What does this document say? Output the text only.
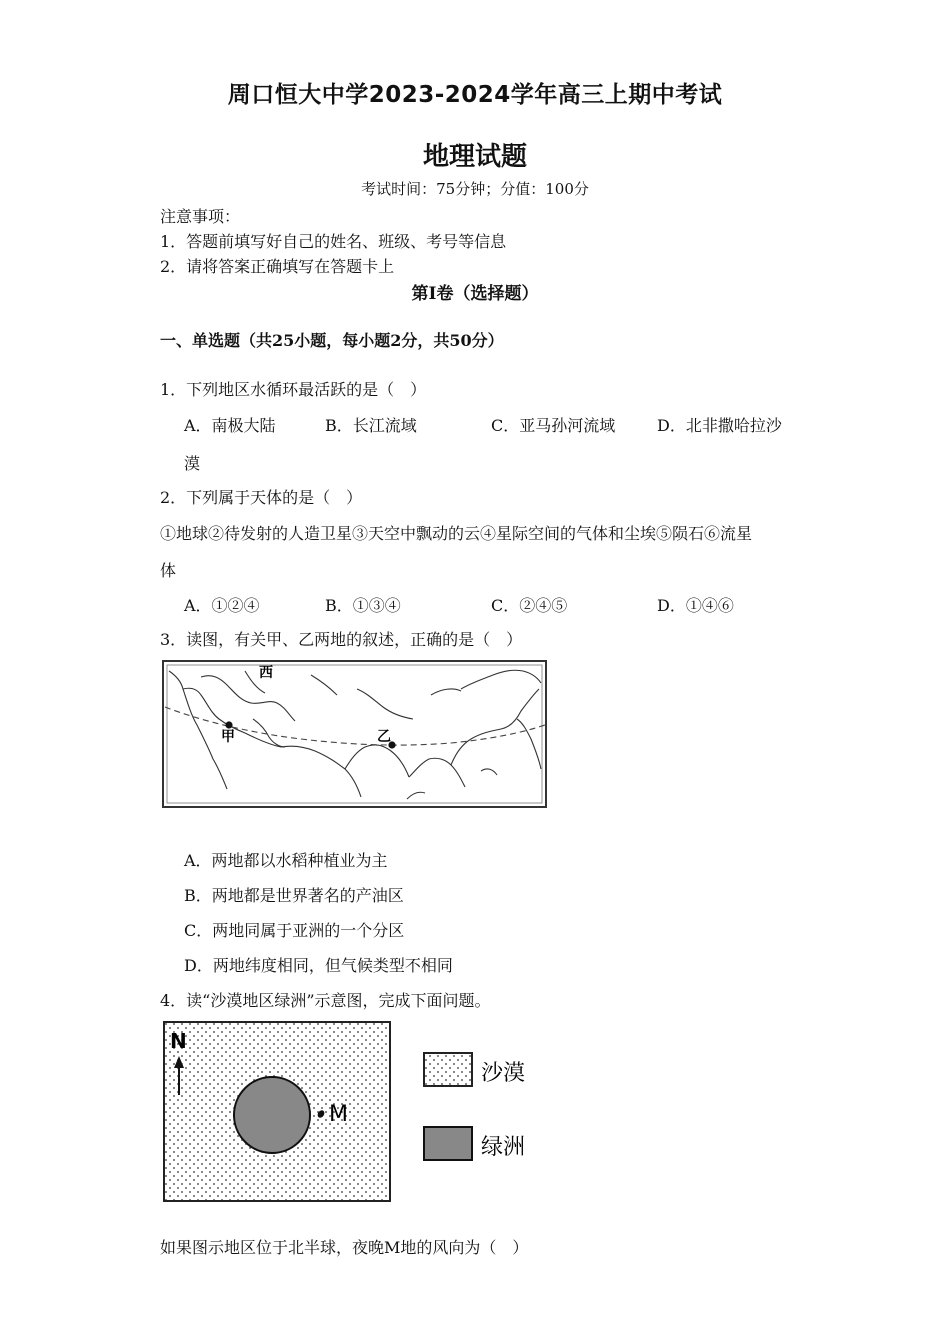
周口恒大中学2023-2024学年高三上期中考试
地理试题
考试时间：75分钟；分值：100分
注意事项：
1．答题前填写好自己的姓名、班级、考号等信息
2．请将答案正确填写在答题卡上
第I卷（选择题）
一、单选题（共25小题，每小题2分，共50分）
1．下列地区水循环最活跃的是（　）
A．南极大陆	B．长江流域	C．亚马孙河流域	D．北非撒哈拉沙
漠
2．下列属于天体的是（　）
①地球②待发射的人造卫星③天空中飘动的云④星际空间的气体和尘埃⑤陨石⑥流星
体
A．①②④	B．①③④	C．②④⑤	D．①④⑥
3．读图，有关甲、乙两地的叙述，正确的是（　）
西
甲	乙
A．两地都以水稻种植业为主
B．两地都是世界著名的产油区
C．两地同属于亚洲的一个分区
D．两地纬度相同，但气候类型不相同
4．读“沙漠地区绿洲”示意图，完成下面问题。
N
M
沙漠
绿洲
如果图示地区位于北半球，夜晚M地的风向为（　）
